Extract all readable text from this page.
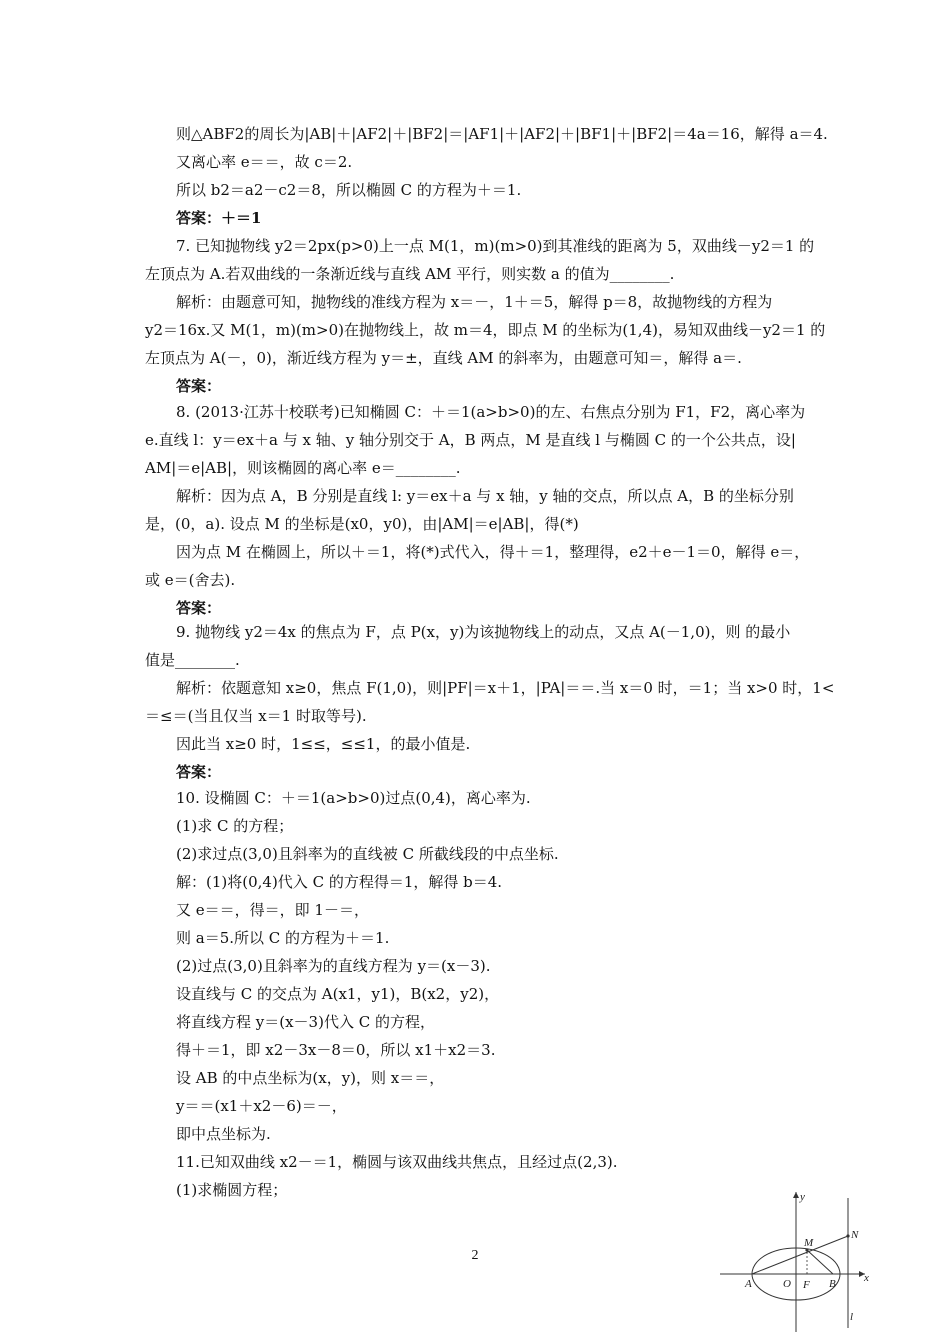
则△ABF2的周长为|AB|＋|AF2|＋|BF2|＝|AF1|＋|AF2|＋|BF1|＋|BF2|＝4a＝16，解得 a＝4.
又离心率 e＝＝，故 c＝2.
所以 b2＝a2－c2＝8，所以椭圆 C 的方程为＋＝1.
答案：＋＝1
7. 已知抛物线 y2＝2px(p>0)上一点 M(1，m)(m>0)到其准线的距离为 5，双曲线－y2＝1 的
左顶点为 A.若双曲线的一条渐近线与直线 AM 平行，则实数 a 的值为________.
解析：由题意可知，抛物线的准线方程为 x＝－，1＋＝5，解得 p＝8，故抛物线的方程为
y2＝16x.又 M(1，m)(m>0)在抛物线上，故 m＝4，即点 M 的坐标为(1,4)，易知双曲线－y2＝1 的
左顶点为 A(－，0)，渐近线方程为 y＝±，直线 AM 的斜率为，由题意可知＝，解得 a＝.
答案：
8. (2013·江苏十校联考)已知椭圆 C：＋＝1(a>b>0)的左、右焦点分别为 F1，F2，离心率为
e.直线 l：y＝ex＋a 与 x 轴、y 轴分别交于 A，B 两点，M 是直线 l 与椭圆 C 的一个公共点，设|
AM|＝e|AB|，则该椭圆的离心率 e＝________.
解析：因为点 A，B 分别是直线 l: y＝ex＋a 与 x 轴，y 轴的交点，所以点 A，B 的坐标分别
是，(0，a). 设点 M 的坐标是(x0，y0)，由|AM|＝e|AB|，得(*)
因为点 M 在椭圆上，所以＋＝1，将(*)式代入，得＋＝1，整理得，e2＋e－1＝0，解得 e＝，
或 e＝(舍去).
答案：
9. 抛物线 y2＝4x 的焦点为 F，点 P(x，y)为该抛物线上的动点，又点 A(－1,0)，则 的最小
值是________.
解析：依题意知 x≥0，焦点 F(1,0)，则|PF|＝x＋1，|PA|＝＝.当 x＝0 时，＝1；当 x>0 时，1<
＝≤＝(当且仅当 x＝1 时取等号).
因此当 x≥0 时，1≤≤，≤≤1，的最小值是.
答案：
10. 设椭圆 C：＋＝1(a>b>0)过点(0,4)，离心率为.
(1)求 C 的方程；
(2)求过点(3,0)且斜率为的直线被 C 所截线段的中点坐标.
解：(1)将(0,4)代入 C 的方程得＝1，解得 b＝4.
又 e＝＝，得＝，即 1－＝，
则 a＝5.所以 C 的方程为＋＝1.
(2)过点(3,0)且斜率为的直线方程为 y＝(x－3).
设直线与 C 的交点为 A(x1，y1)，B(x2，y2)，
将直线方程 y＝(x－3)代入 C 的方程，
得＋＝1，即 x2－3x－8＝0，所以 x1＋x2＝3.
设 AB 的中点坐标为(x，y)，则 x＝＝，
y＝＝(x1＋x2－6)＝－，
即中点坐标为.
11.已知双曲线 x2－＝1，椭圆与该双曲线共焦点，且经过点(2,3).
(1)求椭圆方程；
2
y
x
A	O F B
M
N
l
